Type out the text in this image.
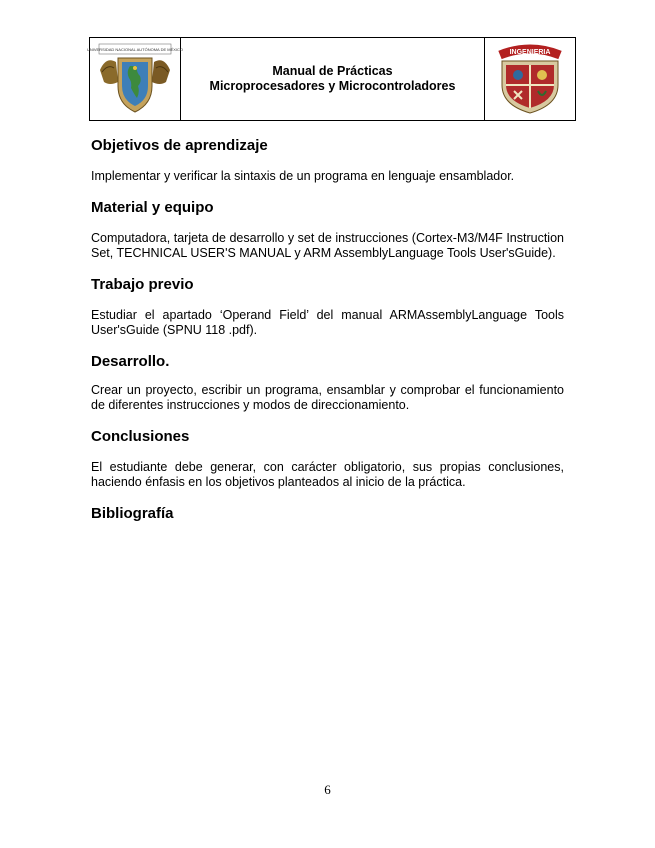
UNIVERSIDAD NACIONAL AUTÓNOMA DE MÉXICO
Manual de Prácticas
Microprocesadores y Microcontroladores
INGENIERIA
Objetivos de aprendizaje

Implementar y verificar la sintaxis de un programa en lenguaje ensamblador.

Material y equipo

Computadora, tarjeta de desarrollo y set de instrucciones (Cortex-M3/M4F Instruction Set, TECHNICAL USER'S MANUAL y ARM AssemblyLanguage Tools User'sGuide).

Trabajo previo

Estudiar el apartado ‘Operand Field’ del manual ARMAssemblyLanguage Tools User'sGuide (SPNU 118 .pdf).

Desarrollo.

Crear un proyecto, escribir un programa, ensamblar y comprobar el funcionamiento de diferentes instrucciones y modos de direccionamiento.

Conclusiones

El estudiante debe generar, con carácter obligatorio, sus propias conclusiones, haciendo énfasis en los objetivos planteados al inicio de la práctica.

Bibliografía
6
